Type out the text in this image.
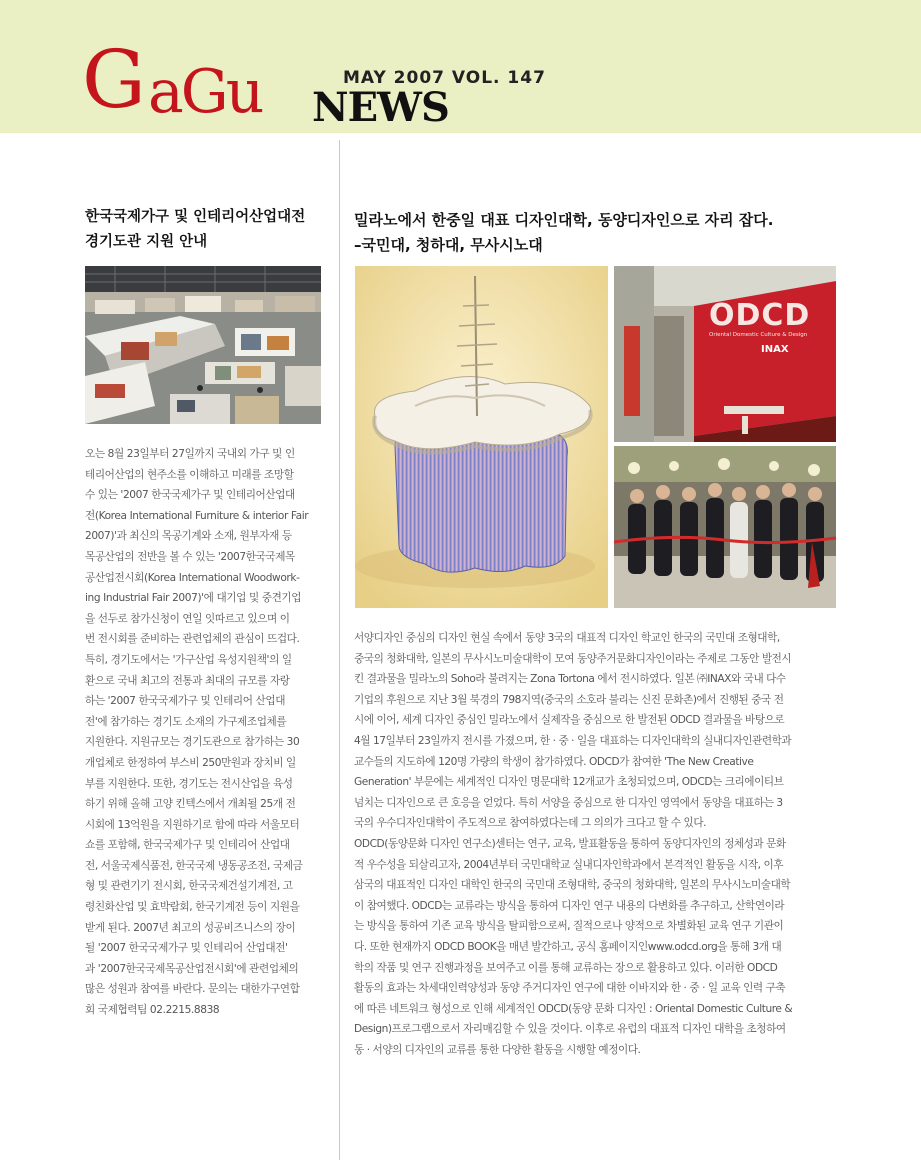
G aGu NEWS
MAY 2007 VOL. 147
한국국제가구 및 인테리어산업대전
경기도관 지원 안내
오는 8월 23일부터 27일까지 국내외 가구 및 인
테리어산업의 현주소를 이해하고 미래를 조망할
수 있는 '2007 한국국제가구 및 인테리어산업대
전(Korea International Furniture & interior Fair
2007)'과 최신의 목공기계와 소재, 원부자재 등
목공산업의 전반을 볼 수 있는 '2007한국국제목
공산업전시회(Korea International Woodwork-
ing Industrial Fair 2007)'에 대기업 및 중견기업
을 선두로 참가신청이 연일 잇따르고 있으며 이
번 전시회를 준비하는 관련업체의 관심이 뜨겁다.
특히, 경기도에서는 '가구산업 육성지원책'의 일
환으로 국내 최고의 전통과 최대의 규모를 자랑
하는 '2007 한국국제가구 및 인테리어 산업대
전'에 참가하는 경기도 소재의 가구제조업체를
지원한다. 지원규모는 경기도관으로 참가하는 30
개업체로 한정하여 부스비 250만원과 장치비 일
부를 지원한다. 또한, 경기도는 전시산업을 육성
하기 위해 올해 고양 킨텍스에서 개최될 25개 전
시회에 13억원을 지원하기로 함에 따라 서울모터
쇼를 포함해, 한국국제가구 및 인테리어 산업대
전, 서울국제식품전, 한국국제 냉동공조전, 국제금
형 및 관련기기 전시회, 한국국제건설기계전, 고
령친화산업 및 효박람회, 한국기계전 등이 지원을
받게 된다. 2007년 최고의 성공비즈니스의 장이
될 '2007 한국국제가구 및 인테리어 산업대전'
과 '2007한국국제목공산업전시회'에 관련업체의
많은 성원과 참여를 바란다. 문의는 대한가구연합
회 국제협력팀 02.2215.8838
밀라노에서 한중일 대표 디자인대학, 동양디자인으로 자리 잡다.
–국민대, 청하대, 무사시노대
ODCD
Oriental Domestic Culture & Design
INAX
서양디자인 중심의 디자인 현실 속에서 동양 3국의 대표적 디자인 학교인 한국의 국민대 조형대학,
중국의 청화대학, 일본의 무사시노미술대학이 모여 동양주거문화디자인이라는 주제로 그동안 발전시
킨 결과물을 밀라노의 Soho라 불려지는 Zona Tortona 에서 전시하였다. 일본 ㈜INAX와 국내 다수
기업의 후원으로 지난 3월 북경의 798지역(중국의 소호라 불리는 신진 문화촌)에서 진행된 중국 전
시에 이어, 세계 디자인 중심인 밀라노에서 실제작을 중심으로 한 발전된 ODCD 결과물을 바탕으로
4월 17일부터 23일까지 전시를 가졌으며, 한 · 중 · 일을 대표하는 디자인대학의 실내디자인관련학과
교수들의 지도하에 120명 가량의 학생이 참가하였다. ODCD가 참여한 'The New Creative
Generation' 부문에는 세계적인 디자인 명문대학 12개교가 초청되었으며, ODCD는 크리에이티브
넘치는 디자인으로 큰 호응을 얻었다. 특히 서양을 중심으로 한 디자인 영역에서 동양을 대표하는 3
국의 우수디자인대학이 주도적으로 참여하였다는데 그 의의가 크다고 할 수 있다.
ODCD(동양문화 디자인 연구소)센터는 연구, 교육, 발표활동을 통하여 동양디자인의 정체성과 문화
적 우수성을 되살리고자, 2004년부터 국민대학교 실내디자인학과에서 본격적인 활동을 시작, 이후
삼국의 대표적인 디자인 대학인 한국의 국민대 조형대학, 중국의 청화대학, 일본의 무사시노미술대학
이 참여했다. ODCD는 교류라는 방식을 통하여 디자인 연구 내용의 다변화를 추구하고, 산학연이라
는 방식을 통하여 기존 교육 방식을 탈피함으로써, 질적으로나 양적으로 차별화된 교육 연구 기관이
다. 또한 현재까지 ODCD BOOK을 매년 발간하고, 공식 홈페이지인www.odcd.org을 통해 3개 대
학의 작품 및 연구 진행과정을 보여주고 이를 통해 교류하는 장으로 활용하고 있다. 이러한 ODCD
활동의 효과는 차세대인력양성과 동양 주거디자인 연구에 대한 이바지와 한 · 중 · 일 교육 인력 구축
에 따른 네트워크 형성으로 인해 세계적인 ODCD(동양 문화 디자인 : Oriental Domestic Culture &
Design)프로그램으로서 자리매김할 수 있을 것이다. 이후로 유럽의 대표적 디자인 대학을 초청하여
동 · 서양의 디자인의 교류를 통한 다양한 활동을 시행할 예정이다.
